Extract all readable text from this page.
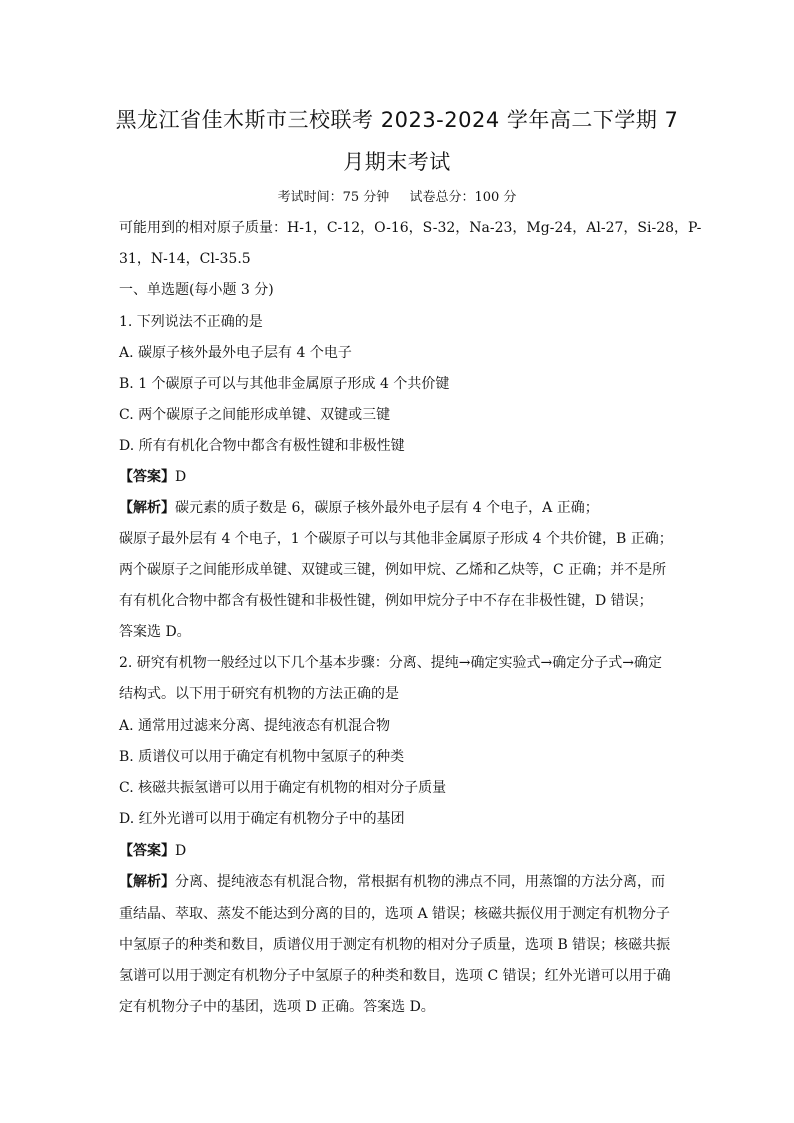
黑龙江省佳木斯市三校联考 2023-2024 学年高二下学期 7
月期末考试
考试时间：75 分钟 试卷总分：100 分
可能用到的相对原子质量：H-1，C-12，O-16，S-32，Na-23，Mg-24，Al-27，Si-28，P-
31，N-14，Cl-35.5
一、单选题(每小题 3 分)
1. 下列说法不正确的是
A. 碳原子核外最外电子层有 4 个电子
B. 1 个碳原子可以与其他非金属原子形成 4 个共价键
C. 两个碳原子之间能形成单键、双键或三键
D. 所有有机化合物中都含有极性键和非极性键
【答案】D
【解析】碳元素的质子数是 6，碳原子核外最外电子层有 4 个电子，A 正确；
碳原子最外层有 4 个电子，1 个碳原子可以与其他非金属原子形成 4 个共价键，B 正确；
两个碳原子之间能形成单键、双键或三键，例如甲烷、乙烯和乙炔等，C 正确；并不是所
有有机化合物中都含有极性键和非极性键，例如甲烷分子中不存在非极性键，D 错误；
答案选 D。
2. 研究有机物一般经过以下几个基本步骤：分离、提纯→确定实验式→确定分子式→确定
结构式。以下用于研究有机物的方法正确的是
A. 通常用过滤来分离、提纯液态有机混合物
B. 质谱仪可以用于确定有机物中氢原子的种类
C. 核磁共振氢谱可以用于确定有机物的相对分子质量
D. 红外光谱可以用于确定有机物分子中的基团
【答案】D
【解析】分离、提纯液态有机混合物，常根据有机物的沸点不同，用蒸馏的方法分离，而
重结晶、萃取、蒸发不能达到分离的目的，选项 A 错误；核磁共振仪用于测定有机物分子
中氢原子的种类和数目，质谱仪用于测定有机物的相对分子质量，选项 B 错误；核磁共振
氢谱可以用于测定有机物分子中氢原子的种类和数目，选项 C 错误；红外光谱可以用于确
定有机物分子中的基团，选项 D 正确。答案选 D。
